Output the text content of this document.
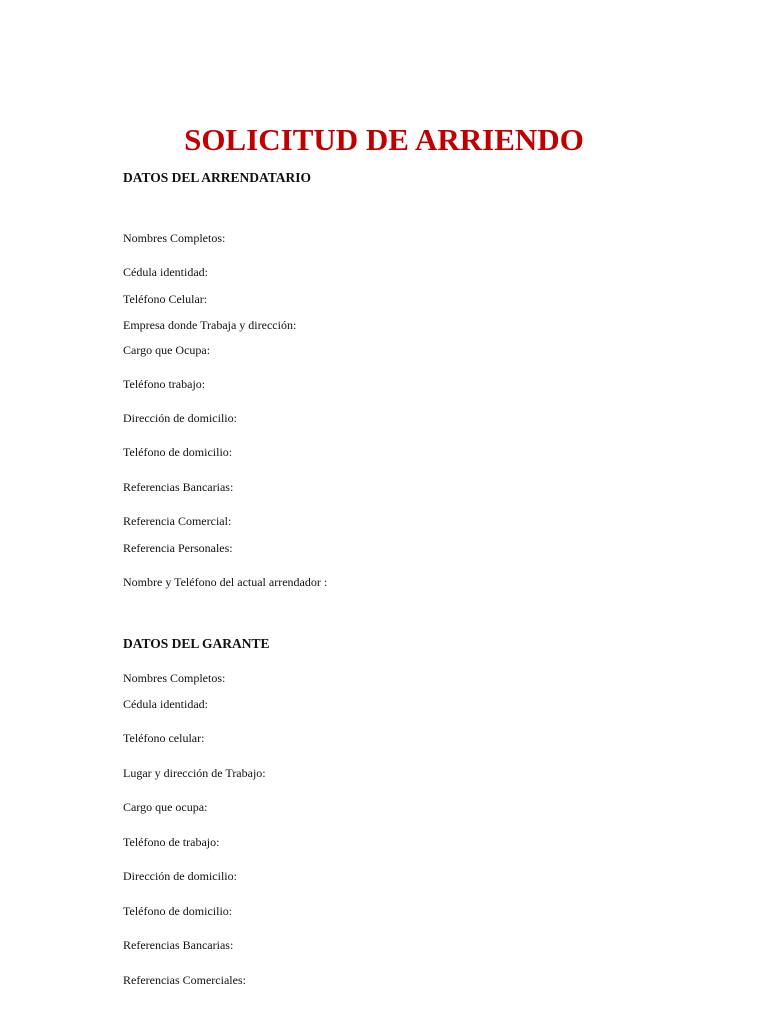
SOLICITUD DE ARRIENDO
DATOS DEL ARRENDATARIO
Nombres Completos:
Cédula identidad:
Teléfono Celular:
Empresa donde Trabaja y dirección:
Cargo que Ocupa:
Teléfono trabajo:
Dirección de domicilio:
Teléfono de domicilio:
Referencias Bancarias:
Referencia Comercial:
Referencia Personales:
Nombre y Teléfono del actual arrendador :
DATOS DEL GARANTE
Nombres Completos:
Cédula identidad:
Teléfono celular:
Lugar y dirección de Trabajo:
Cargo que ocupa:
Teléfono de trabajo:
Dirección de domicilio:
Teléfono de domicilio:
Referencias Bancarias:
Referencias Comerciales:
